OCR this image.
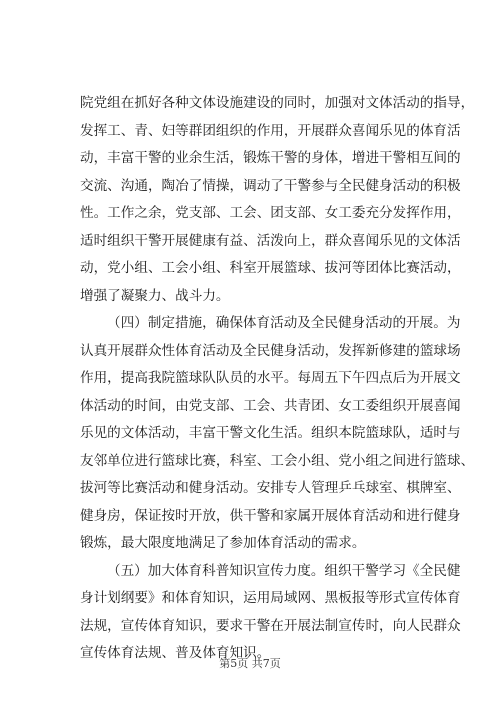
院党组在抓好各种文体设施建设的同时，加强对文体活动的指导，
发挥工、青、妇等群团组织的作用，开展群众喜闻乐见的体育活
动，丰富干警的业余生活，锻炼干警的身体，增进干警相互间的
交流、沟通，陶冶了情操，调动了干警参与全民健身活动的积极
性。工作之余，党支部、工会、团支部、女工委充分发挥作用，
适时组织干警开展健康有益、活泼向上，群众喜闻乐见的文体活
动，党小组、工会小组、科室开展篮球、拔河等团体比赛活动，
增强了凝聚力、战斗力。
（四）制定措施，确保体育活动及全民健身活动的开展。为
认真开展群众性体育活动及全民健身活动，发挥新修建的篮球场
作用，提高我院篮球队队员的水平。每周五下午四点后为开展文
体活动的时间，由党支部、工会、共青团、女工委组织开展喜闻
乐见的文体活动，丰富干警文化生活。组织本院篮球队，适时与
友邻单位进行篮球比赛，科室、工会小组、党小组之间进行篮球、
拔河等比赛活动和健身活动。安排专人管理乒乓球室、棋牌室、
健身房，保证按时开放，供干警和家属开展体育活动和进行健身
锻炼，最大限度地满足了参加体育活动的需求。
（五）加大体育科普知识宣传力度。组织干警学习《全民健
身计划纲要》和体育知识，运用局域网、黑板报等形式宣传体育
法规，宣传体育知识，要求干警在开展法制宣传时，向人民群众
宣传体育法规、普及体育知识。
第5页 共7页
